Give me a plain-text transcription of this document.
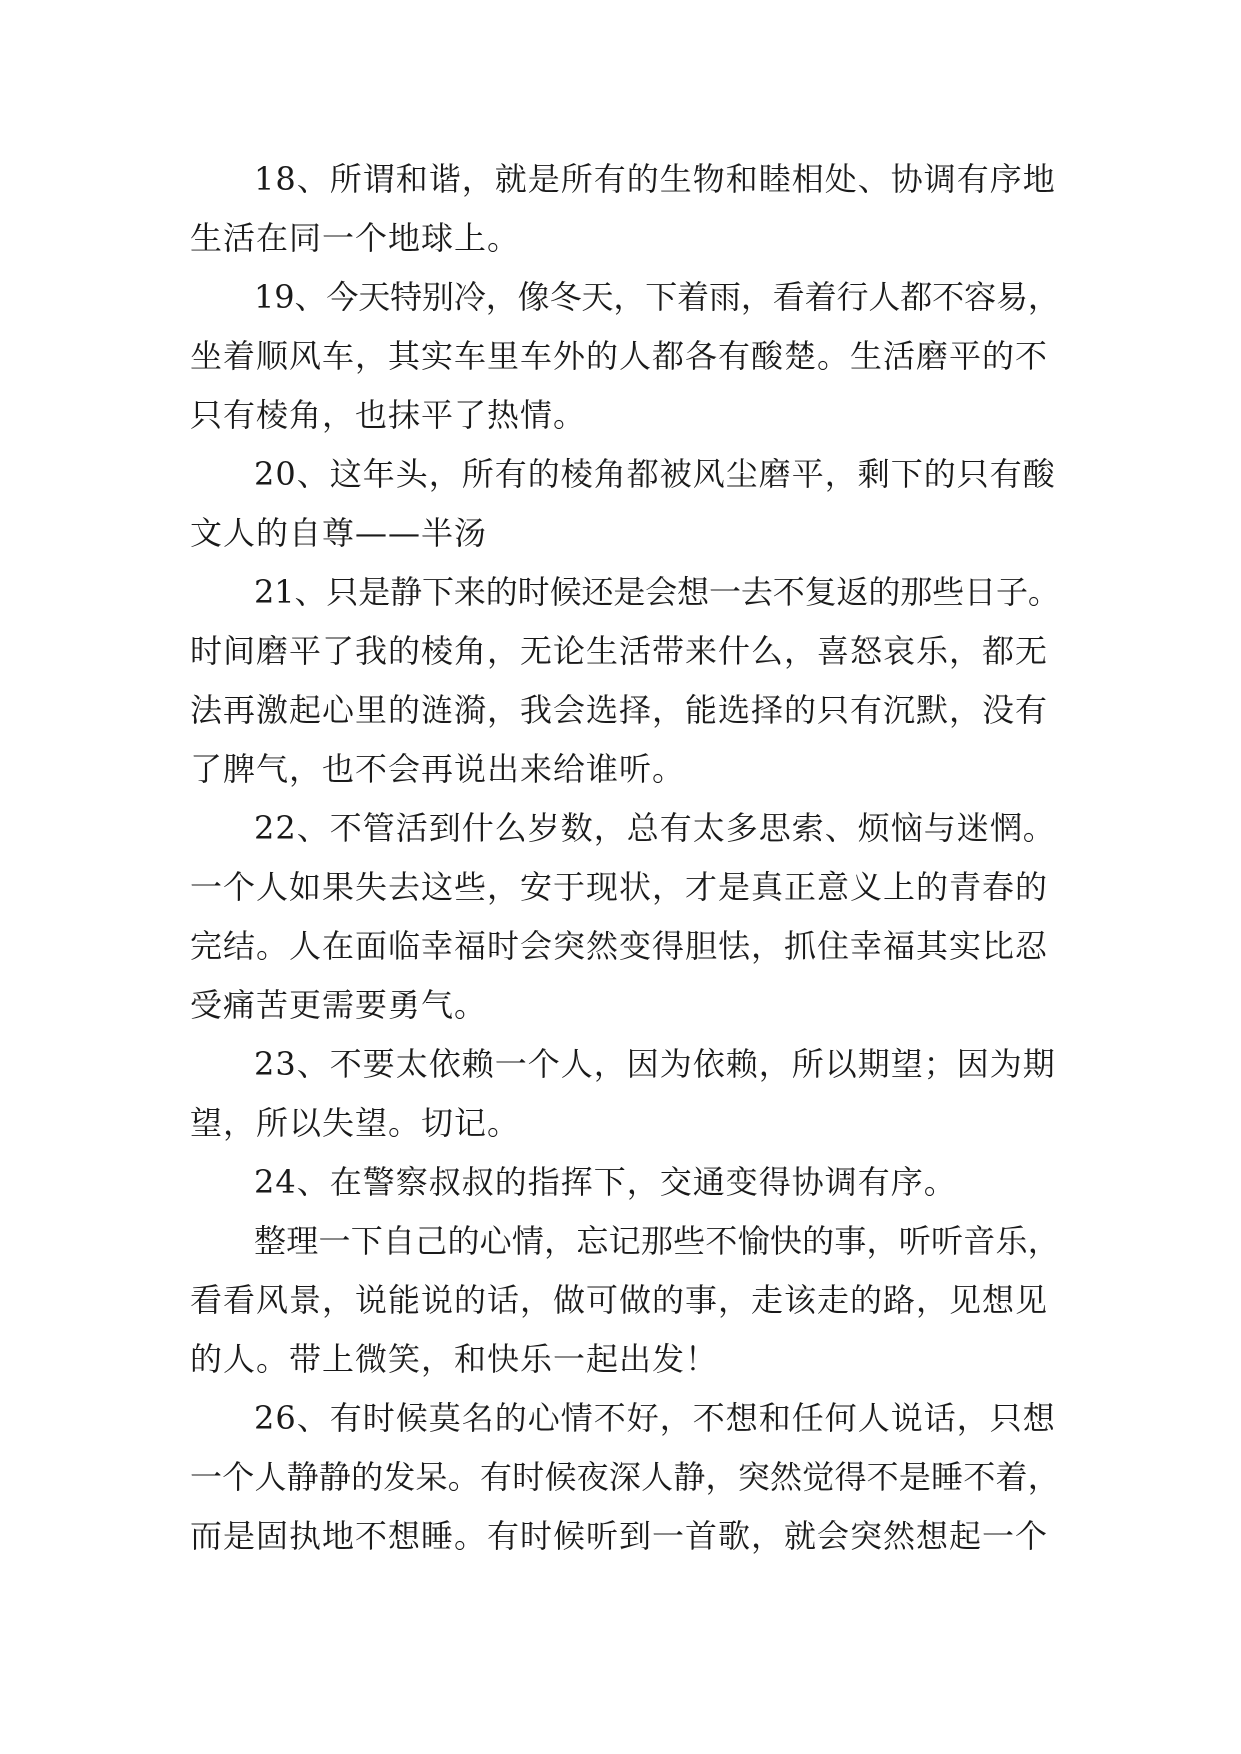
18、所谓和谐，就是所有的生物和睦相处、协调有序地
生活在同一个地球上。
19、今天特别冷，像冬天，下着雨，看着行人都不容易，
坐着顺风车，其实车里车外的人都各有酸楚。生活磨平的不
只有棱角，也抹平了热情。
20、这年头，所有的棱角都被风尘磨平，剩下的只有酸
文人的自尊——半汤
21、只是静下来的时候还是会想一去不复返的那些日子。
时间磨平了我的棱角，无论生活带来什么，喜怒哀乐，都无
法再激起心里的涟漪，我会选择，能选择的只有沉默，没有
了脾气，也不会再说出来给谁听。
22、不管活到什么岁数，总有太多思索、烦恼与迷惘。
一个人如果失去这些，安于现状，才是真正意义上的青春的
完结。人在面临幸福时会突然变得胆怯，抓住幸福其实比忍
受痛苦更需要勇气。
23、不要太依赖一个人，因为依赖，所以期望；因为期
望，所以失望。切记。
24、在警察叔叔的指挥下，交通变得协调有序。
整理一下自己的心情，忘记那些不愉快的事，听听音乐，
看看风景，说能说的话，做可做的事，走该走的路，见想见
的人。带上微笑，和快乐一起出发！
26、有时候莫名的心情不好，不想和任何人说话，只想
一个人静静的发呆。有时候夜深人静，突然觉得不是睡不着，
而是固执地不想睡。有时候听到一首歌，就会突然想起一个
